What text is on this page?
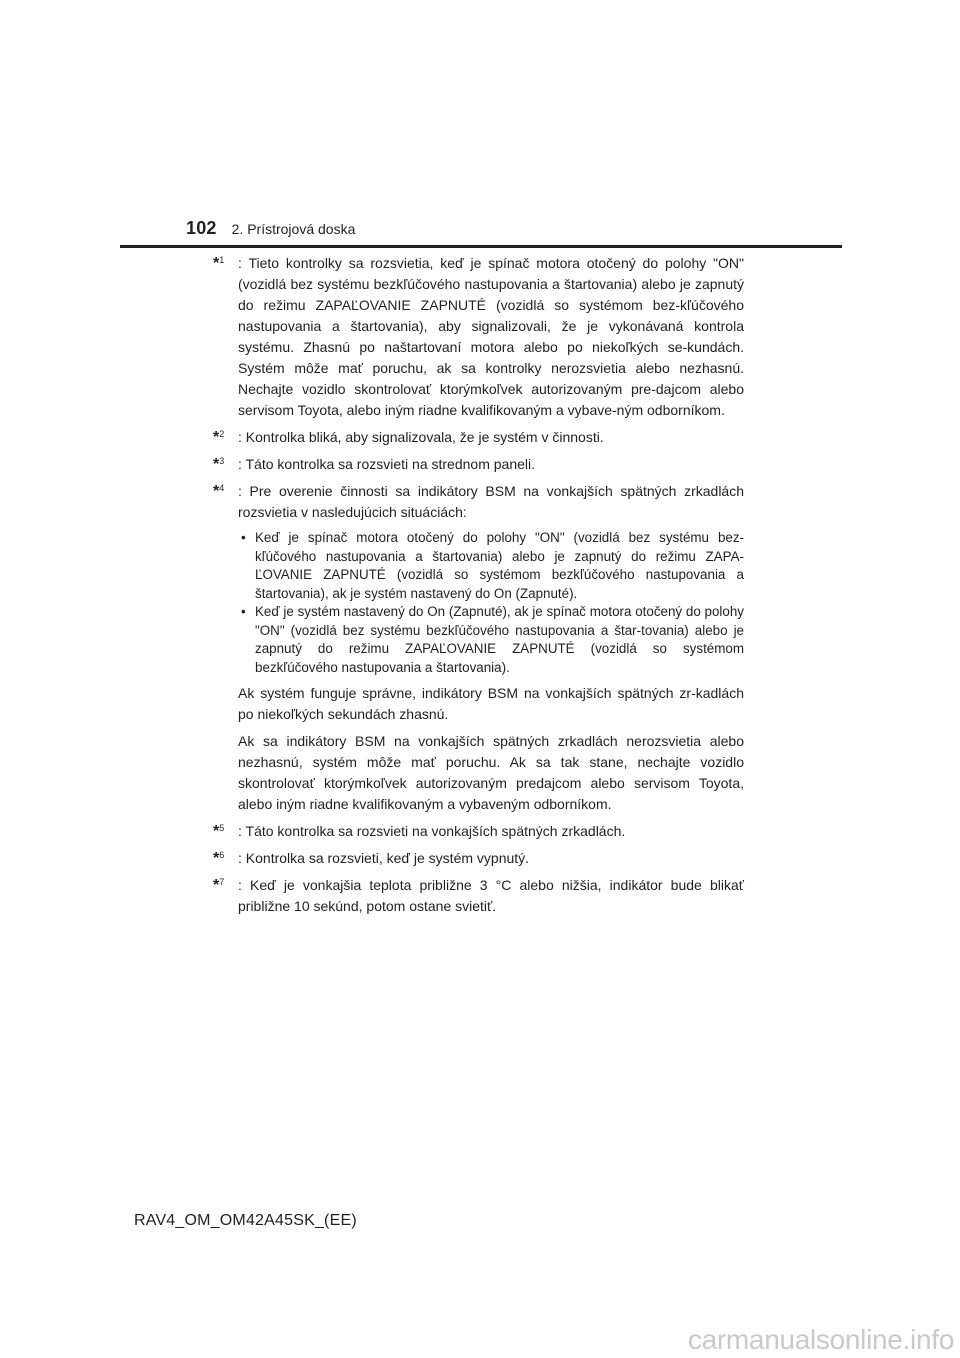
102 2. Prístrojová doska
*$^1$ : Tieto kontrolky sa rozsvietia, keď je spínač motora otočený do polohy "ON" (vozidlá bez systému bezkľúčového nastupovania a štartovania) alebo je zapnutý do režimu ZAPAĽOVANIE ZAPNUTÉ (vozidlá so systémom bez-kľúčového nastupovania a štartovania), aby signalizovali, že je vykonávaná kontrola systému. Zhasnú po naštartovaní motora alebo po niekoľkých se-kundách. Systém môže mať poruchu, ak sa kontrolky nerozsvietia alebo nezhasnú. Nechajte vozidlo skontrolovať ktorýmkoľvek autorizovaným pre-dajcom alebo servisom Toyota, alebo iným riadne kvalifikovaným a vybave-ným odborníkom.
*$^2$ : Kontrolka bliká, aby signalizovala, že je systém v činnosti.
*$^3$ : Táto kontrolka sa rozsvieti na strednom paneli.
*$^4$ : Pre overenie činnosti sa indikátory BSM na vonkajších spätných zrkadlách rozsvietia v nasledujúcich situáciách:
• Keď je spínač motora otočený do polohy "ON" (vozidlá bez systému bez-kľúčového nastupovania a štartovania) alebo je zapnutý do režimu ZAPA-ĽOVANIE ZAPNUTÉ (vozidlá so systémom bezkľúčového nastupovania a štartovania), ak je systém nastavený do On (Zapnuté).
• Keď je systém nastavený do On (Zapnuté), ak je spínač motora otočený do polohy "ON" (vozidlá bez systému bezkľúčového nastupovania a štar-tovania) alebo je zapnutý do režimu ZAPAĽOVANIE ZAPNUTÉ (vozidlá so systémom bezkľúčového nastupovania a štartovania).
Ak systém funguje správne, indikátory BSM na vonkajších spätných zr-kadlách po niekoľkých sekundách zhasnú.
Ak sa indikátory BSM na vonkajších spätných zrkadlách nerozsvietia alebo nezhasnú, systém môže mať poruchu. Ak sa tak stane, nechajte vozidlo skontrolovať ktorýmkoľvek autorizovaným predajcom alebo servisom Toyota, alebo iným riadne kvalifikovaným a vybaveným odborníkom.
*$^5$ : Táto kontrolka sa rozsvieti na vonkajších spätných zrkadlách.
*$^6$ : Kontrolka sa rozsvieti, keď je systém vypnutý.
*$^7$ : Keď je vonkajšia teplota približne 3 °C alebo nižšia, indikátor bude blikať približne 10 sekúnd, potom ostane svietiť.
RAV4_OM_OM42A45SK_(EE)
carmanualsonline.info
